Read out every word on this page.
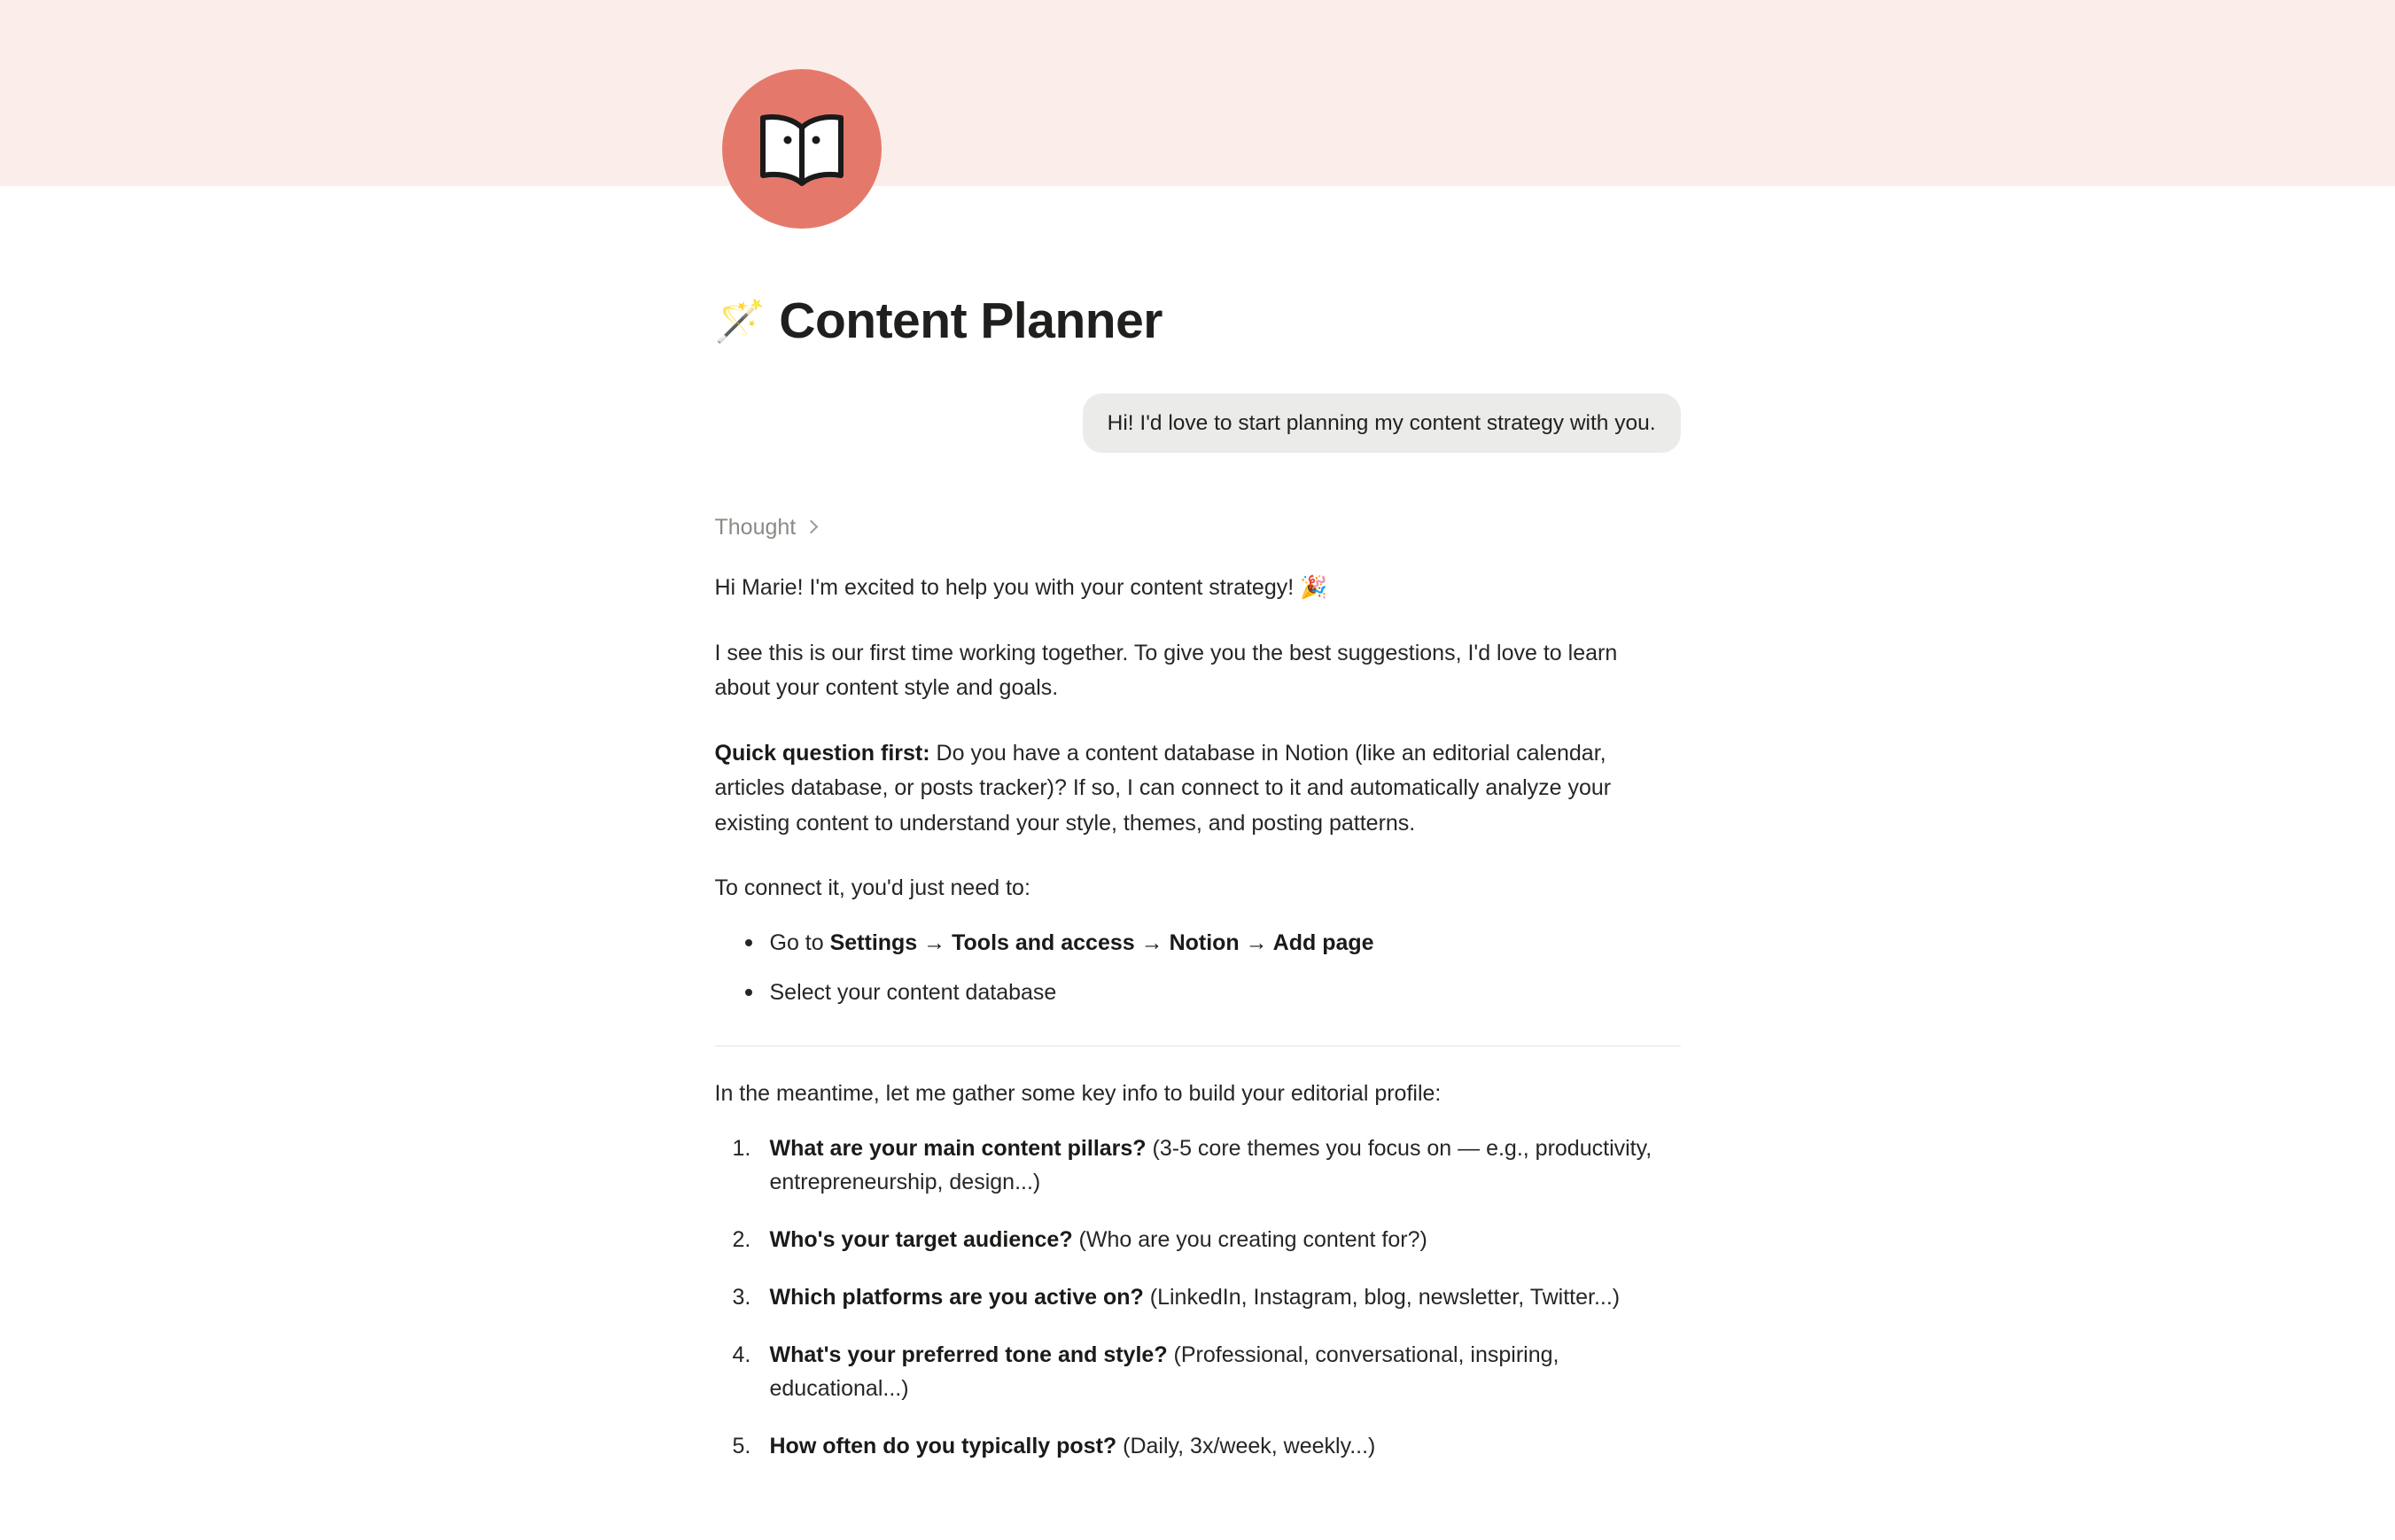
🪄 Content Planner
Hi! I'd love to start planning my content strategy with you.
Thought

Hi Marie! I'm excited to help you with your content strategy! 🎉

I see this is our first time working together. To give you the best suggestions, I'd love to learn about your content style and goals.

Quick question first: Do you have a content database in Notion (like an editorial calendar, articles database, or posts tracker)? If so, I can connect to it and automatically analyze your existing content to understand your style, themes, and posting patterns.

To connect it, you'd just need to:

Go to Settings → Tools and access → Notion → Add page
Select your content database

In the meantime, let me gather some key info to build your editorial profile:

What are your main content pillars? (3-5 core themes you focus on — e.g., productivity, entrepreneurship, design...)
Who's your target audience? (Who are you creating content for?)
Which platforms are you active on? (LinkedIn, Instagram, blog, newsletter, Twitter...)
What's your preferred tone and style? (Professional, conversational, inspiring, educational...)
How often do you typically post? (Daily, 3x/week, weekly...)
